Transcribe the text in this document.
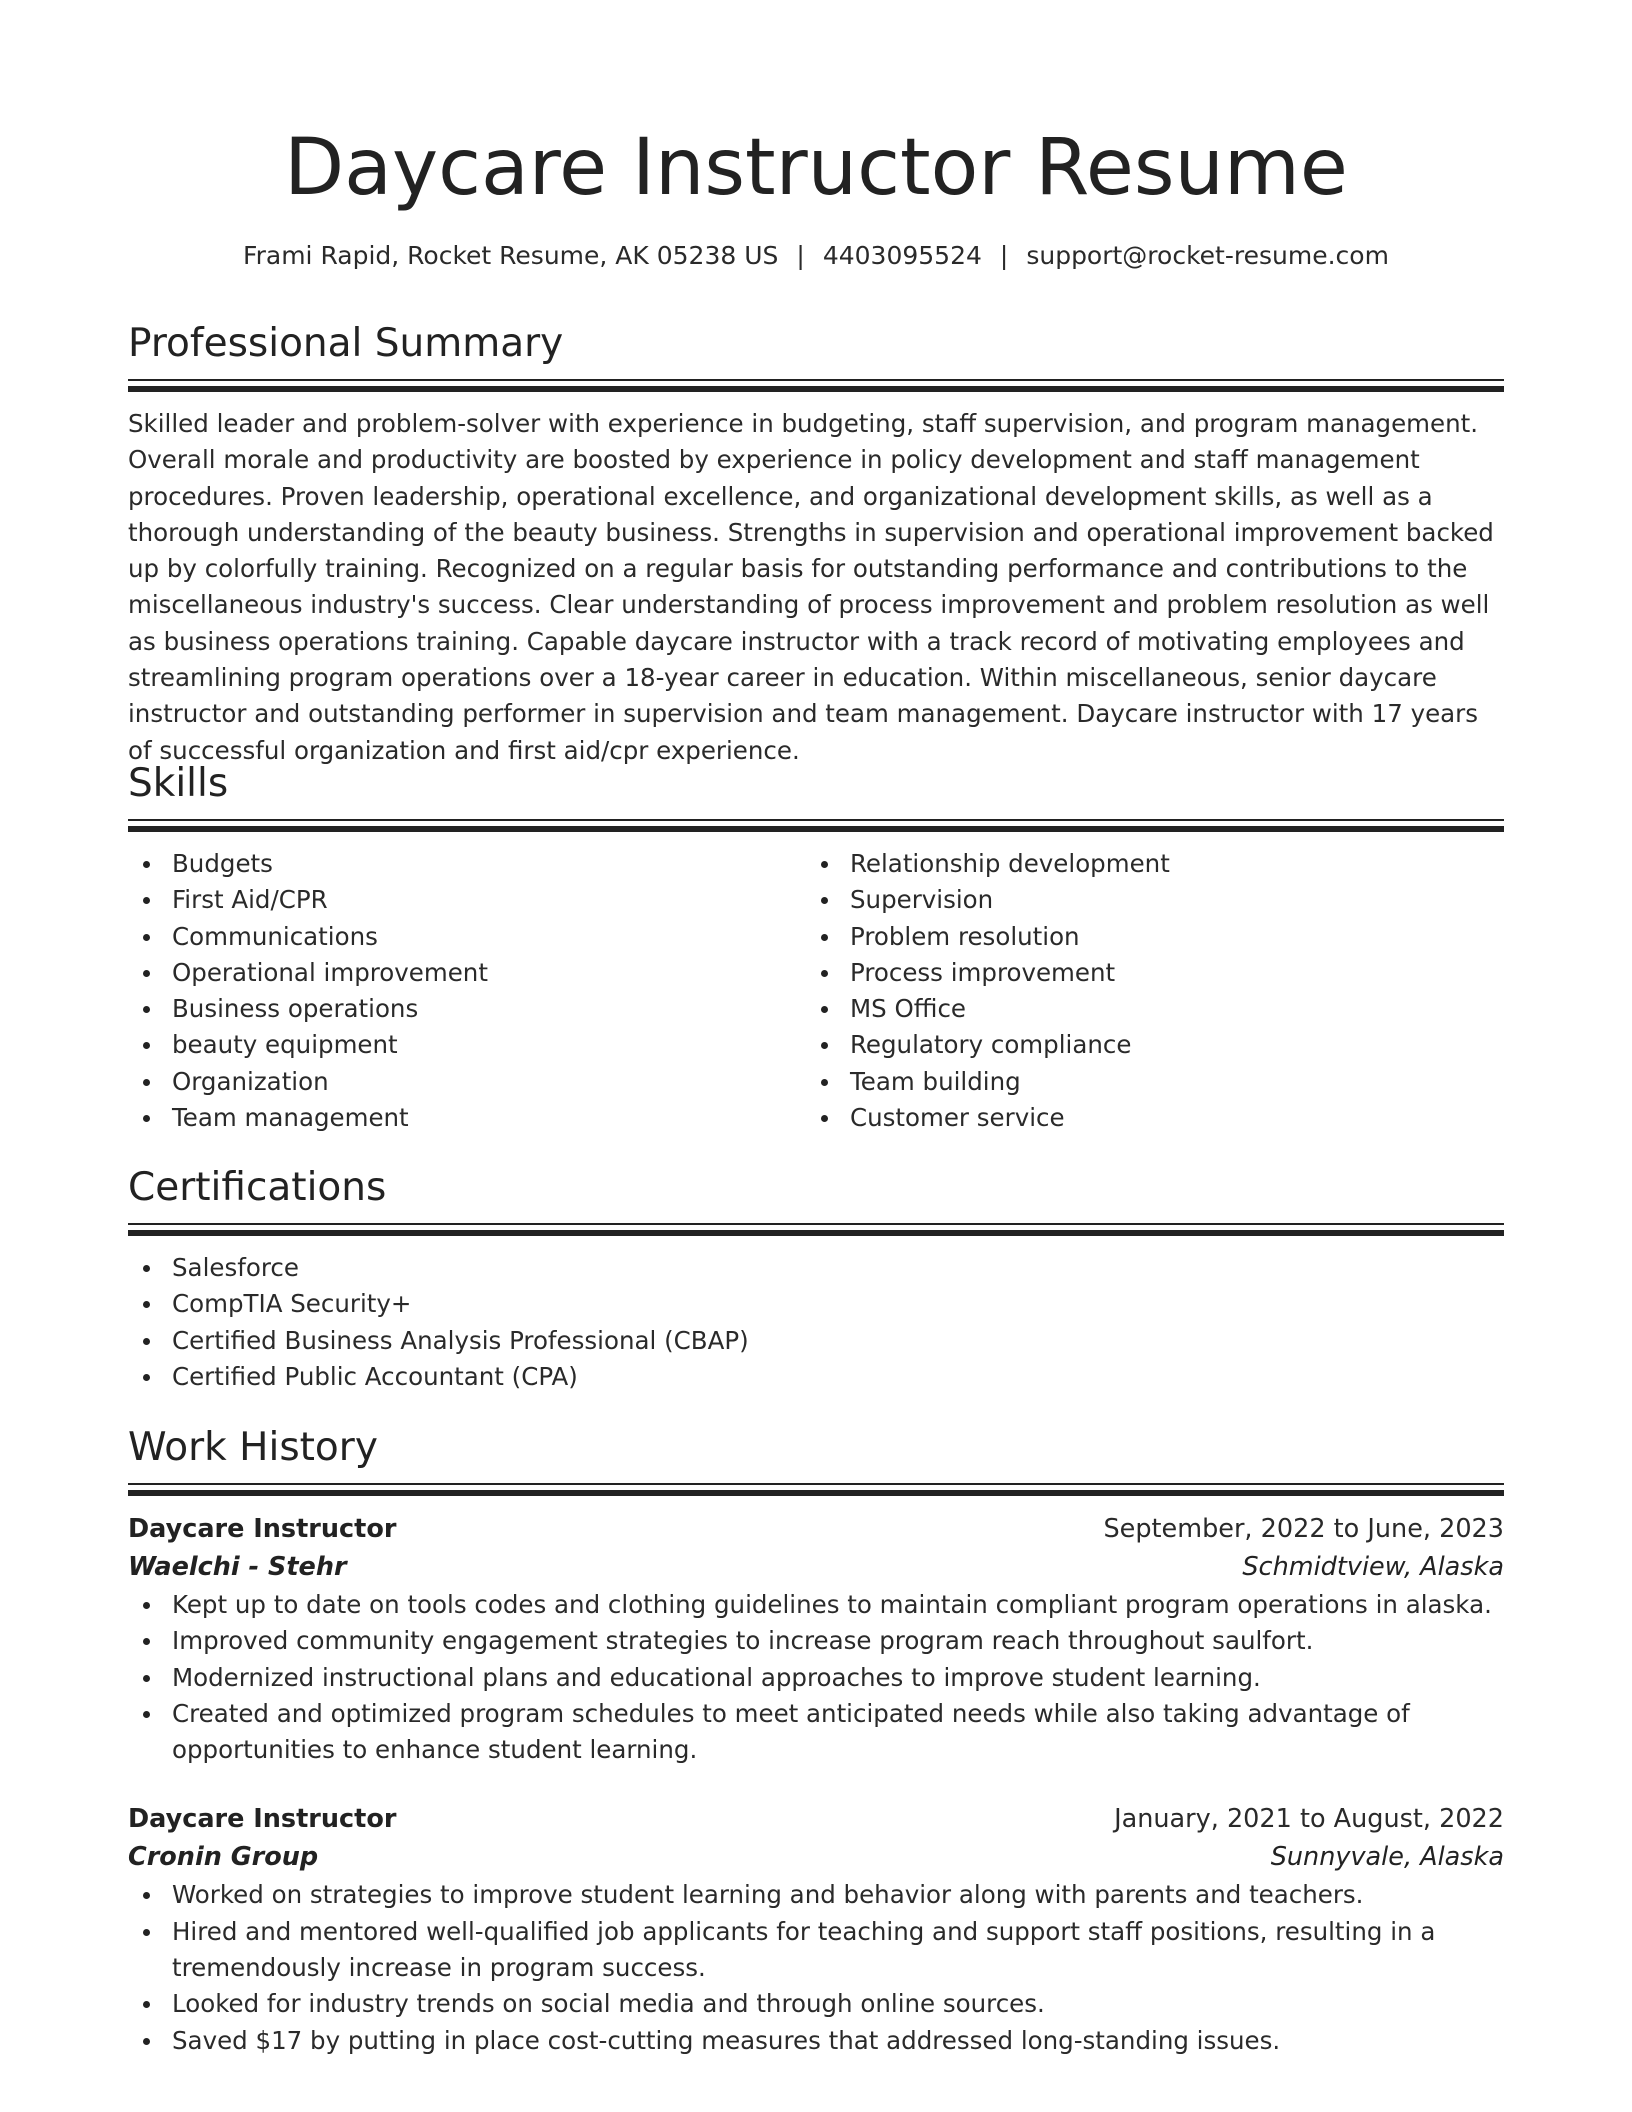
Daycare Instructor Resume
Frami Rapid, Rocket Resume, AK 05238 US | 4403095524 | support@rocket-resume.com
Professional Summary

Skilled leader and problem-solver with experience in budgeting, staff supervision, and program management. Overall morale and productivity are boosted by experience in policy development and staff management procedures. Proven leadership, operational excellence, and organizational development skills, as well as a thorough understanding of the beauty business. Strengths in supervision and operational improvement backed up by colorfully training. Recognized on a regular basis for outstanding performance and contributions to the miscellaneous industry's success. Clear understanding of process improvement and problem resolution as well as business operations training. Capable daycare instructor with a track record of motivating employees and streamlining program operations over a 18-year career in education. Within miscellaneous, senior daycare instructor and outstanding performer in supervision and team management. Daycare instructor with 17 years of successful organization and first aid/cpr experience.

Skills
Budgets
First Aid/CPR
Communications
Operational improvement
Business operations
beauty equipment
Organization
Team management
Relationship development
Supervision
Problem resolution
Process improvement
MS Office
Regulatory compliance
Team building
Customer service
Certifications
Salesforce
CompTIA Security+
Certified Business Analysis Professional (CBAP)
Certified Public Accountant (CPA)
Work History
Daycare Instructor	September, 2022 to June, 2023
Waelchi - Stehr	Schmidtview, Alaska
Kept up to date on tools codes and clothing guidelines to maintain compliant program operations in alaska.
Improved community engagement strategies to increase program reach throughout saulfort.
Modernized instructional plans and educational approaches to improve student learning.
Created and optimized program schedules to meet anticipated needs while also taking advantage of opportunities to enhance student learning.
Daycare Instructor	January, 2021 to August, 2022
Cronin Group	Sunnyvale, Alaska
Worked on strategies to improve student learning and behavior along with parents and teachers.
Hired and mentored well-qualified job applicants for teaching and support staff positions, resulting in a tremendously increase in program success.
Looked for industry trends on social media and through online sources.
Saved $17 by putting in place cost-cutting measures that addressed long-standing issues.
